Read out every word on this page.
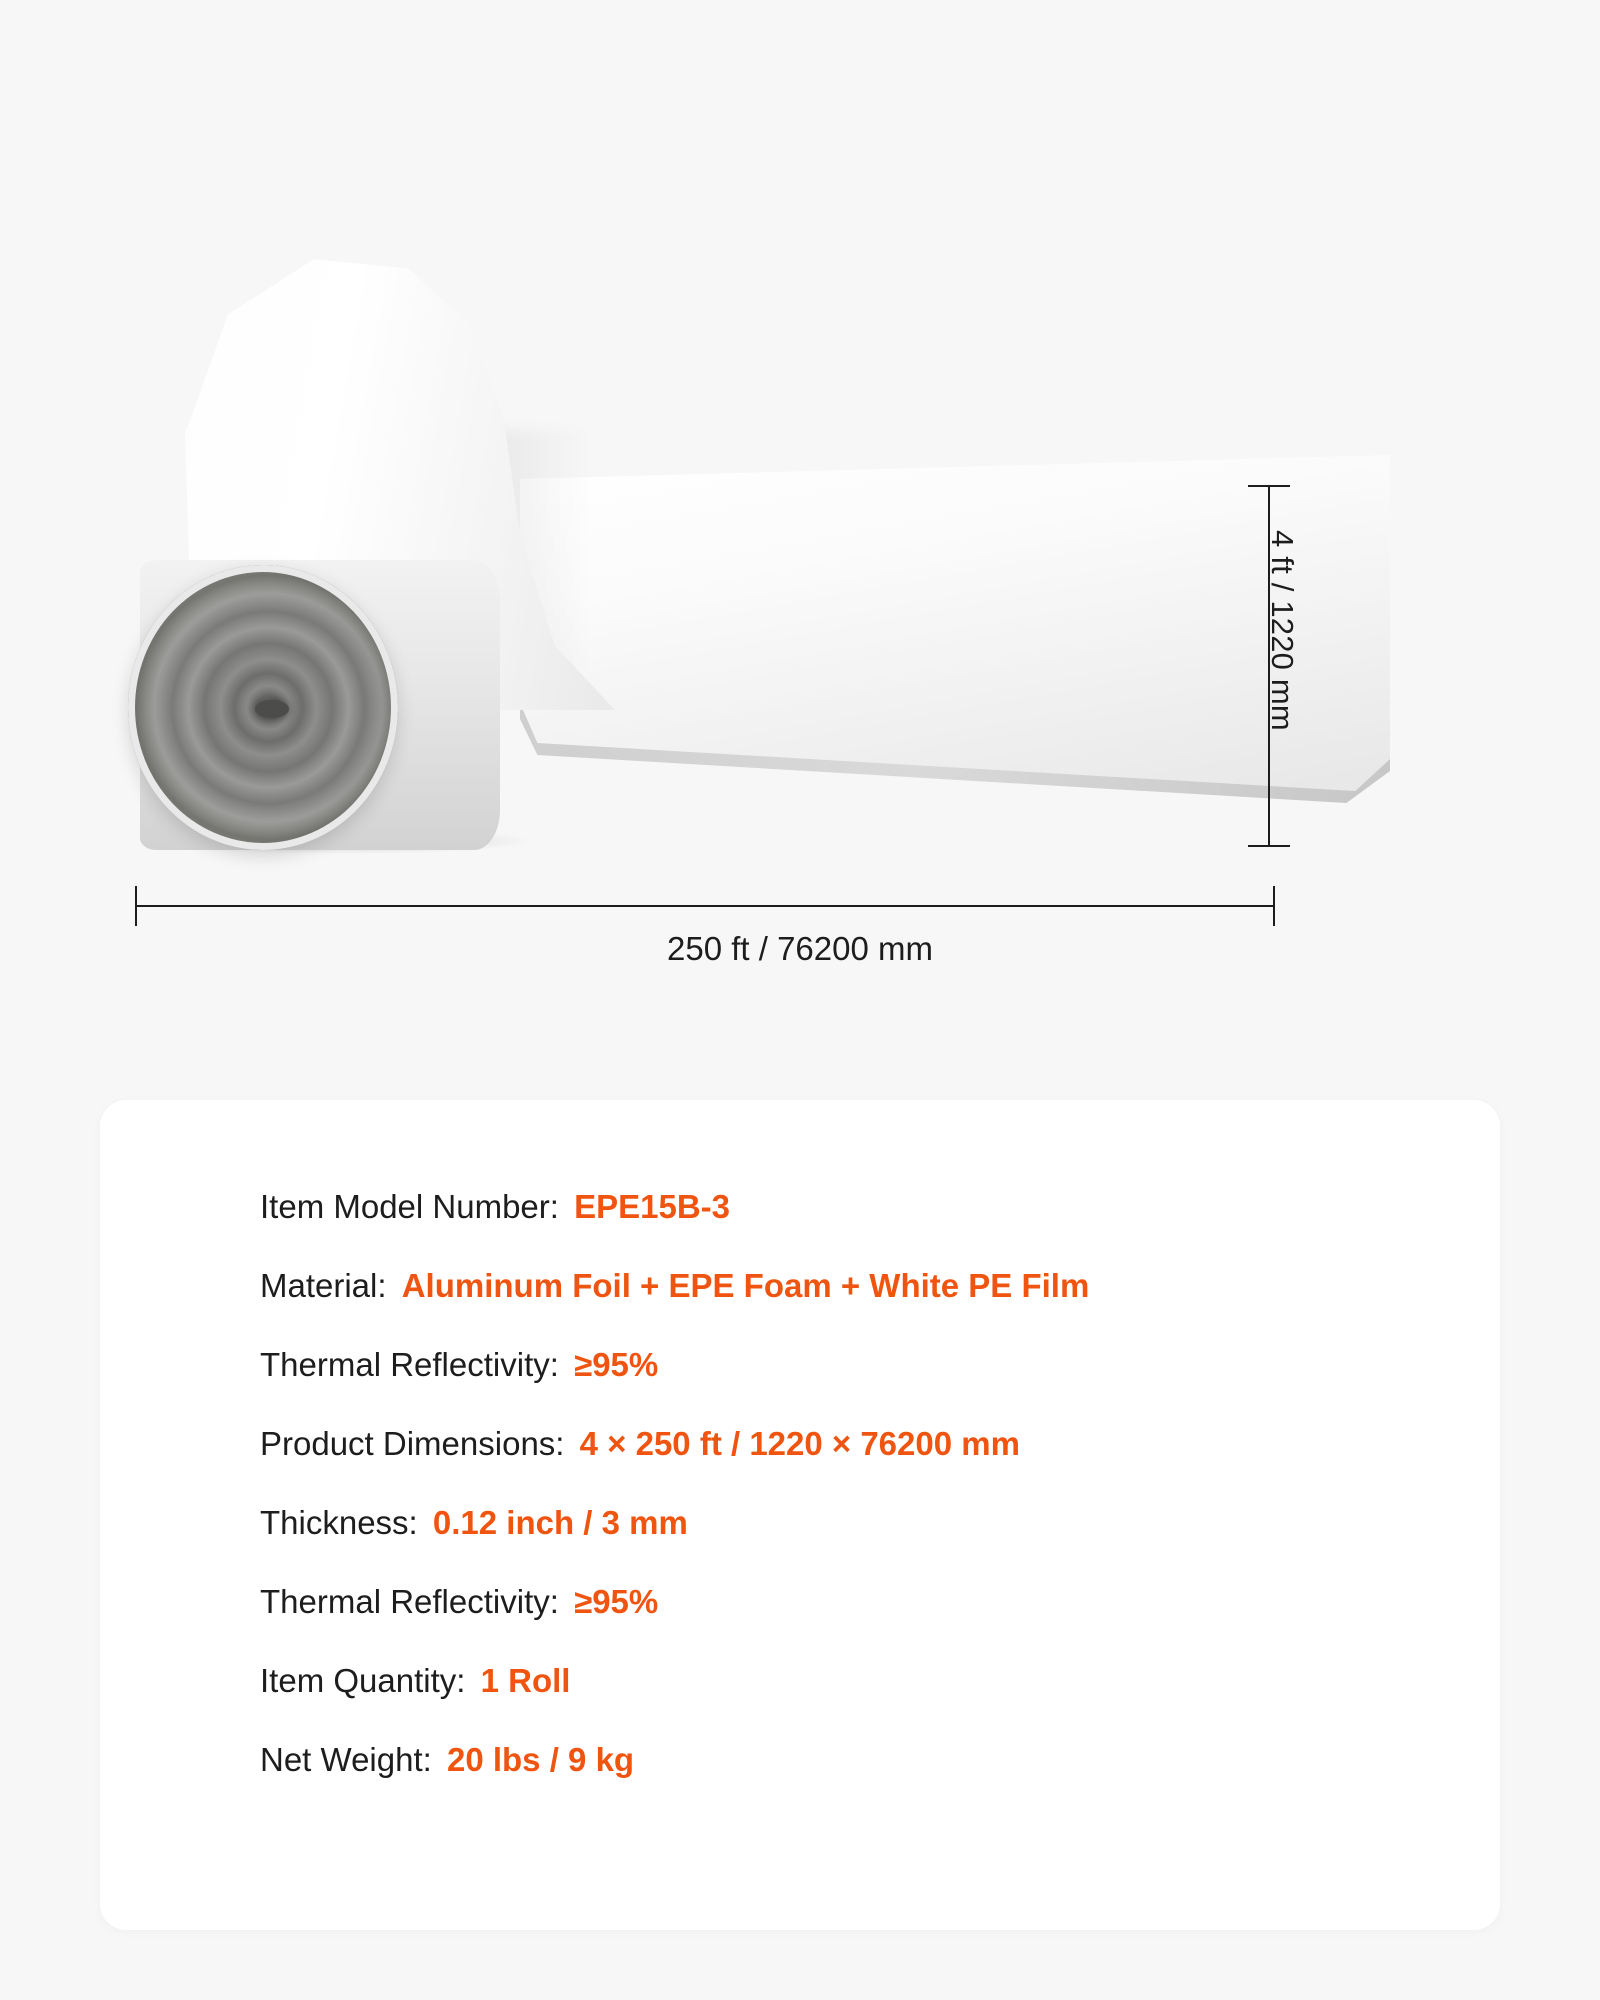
4 ft / 1220 mm
250 ft / 76200 mm
Item Model Number: EPE15B-3
Material: Aluminum Foil + EPE Foam + White PE Film
Thermal Reflectivity: ≥95%
Product Dimensions: 4 × 250 ft / 1220 × 76200 mm
Thickness: 0.12 inch / 3 mm
Thermal Reflectivity: ≥95%
Item Quantity: 1 Roll
Net Weight: 20 lbs / 9 kg
